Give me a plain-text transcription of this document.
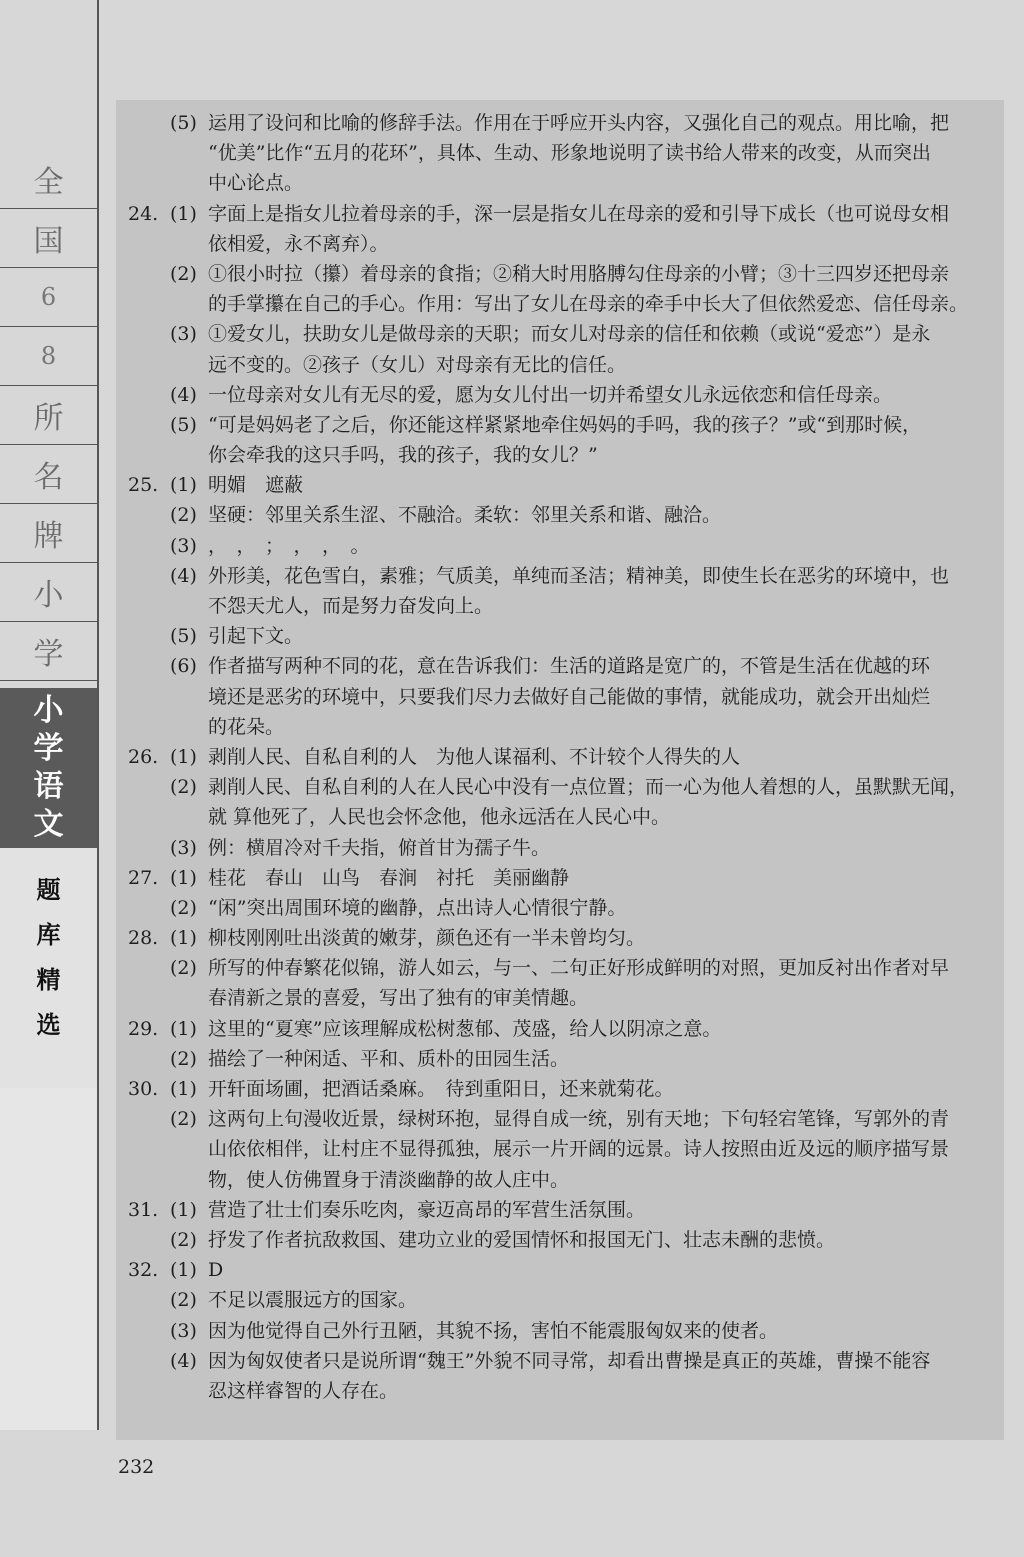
全
国
6
8
所
名
牌
小
学
小
学
语
文
题
库
精
选
(5) 运用了设问和比喻的修辞手法。作用在于呼应开头内容，又强化自己的观点。用比喻，把
“优美”比作“五月的花环”，具体、生动、形象地说明了读书给人带来的改变，从而突出
中心论点。
24. (1) 字面上是指女儿拉着母亲的手，深一层是指女儿在母亲的爱和引导下成长（也可说母女相
依相爱，永不离弃）。
(2) ①很小时拉（攥）着母亲的食指；②稍大时用胳膊勾住母亲的小臂；③十三四岁还把母亲
的手掌攥在自己的手心。作用：写出了女儿在母亲的牵手中长大了但依然爱恋、信任母亲。
(3) ①爱女儿，扶助女儿是做母亲的天职；而女儿对母亲的信任和依赖（或说“爱恋”）是永
远不变的。②孩子（女儿）对母亲有无比的信任。
(4) 一位母亲对女儿有无尽的爱，愿为女儿付出一切并希望女儿永远依恋和信任母亲。
(5) “可是妈妈老了之后，你还能这样紧紧地牵住妈妈的手吗，我的孩子？”或“到那时候，
你会牵我的这只手吗，我的孩子，我的女儿？”
25. (1) 明媚　遮蔽
(2) 坚硬：邻里关系生涩、不融洽。柔软：邻里关系和谐、融洽。
(3) ，　，　；　，　，　。
(4) 外形美，花色雪白，素雅；气质美，单纯而圣洁；精神美，即使生长在恶劣的环境中，也
不怨天尤人，而是努力奋发向上。
(5) 引起下文。
(6) 作者描写两种不同的花，意在告诉我们：生活的道路是宽广的，不管是生活在优越的环
境还是恶劣的环境中，只要我们尽力去做好自己能做的事情，就能成功，就会开出灿烂
的花朵。
26. (1) 剥削人民、自私自利的人　为他人谋福利、不计较个人得失的人
(2) 剥削人民、自私自利的人在人民心中没有一点位置；而一心为他人着想的人，虽默默无闻，
就 算他死了，人民也会怀念他，他永远活在人民心中。
(3) 例：横眉冷对千夫指，俯首甘为孺子牛。
27. (1) 桂花　春山　山鸟　春涧　衬托　美丽幽静
(2) “闲”突出周围环境的幽静，点出诗人心情很宁静。
28. (1) 柳枝刚刚吐出淡黄的嫩芽，颜色还有一半未曾均匀。
(2) 所写的仲春繁花似锦，游人如云，与一、二句正好形成鲜明的对照，更加反衬出作者对早
春清新之景的喜爱，写出了独有的审美情趣。
29. (1) 这里的“夏寒”应该理解成松树葱郁、茂盛，给人以阴凉之意。
(2) 描绘了一种闲适、平和、质朴的田园生活。
30. (1) 开轩面场圃，把酒话桑麻。　待到重阳日，还来就菊花。
(2) 这两句上句漫收近景，绿树环抱，显得自成一统，别有天地；下句轻宕笔锋，写郭外的青
山依依相伴，让村庄不显得孤独，展示一片开阔的远景。诗人按照由近及远的顺序描写景
物，使人仿佛置身于清淡幽静的故人庄中。
31. (1) 营造了壮士们奏乐吃肉，豪迈高昂的军营生活氛围。
(2) 抒发了作者抗敌救国、建功立业的爱国情怀和报国无门、壮志未酬的悲愤。
32. (1) D
(2) 不足以震服远方的国家。
(3) 因为他觉得自己外行丑陋，其貌不扬，害怕不能震服匈奴来的使者。
(4) 因为匈奴使者只是说所谓“魏王”外貌不同寻常，却看出曹操是真正的英雄，曹操不能容
忍这样睿智的人存在。
232
